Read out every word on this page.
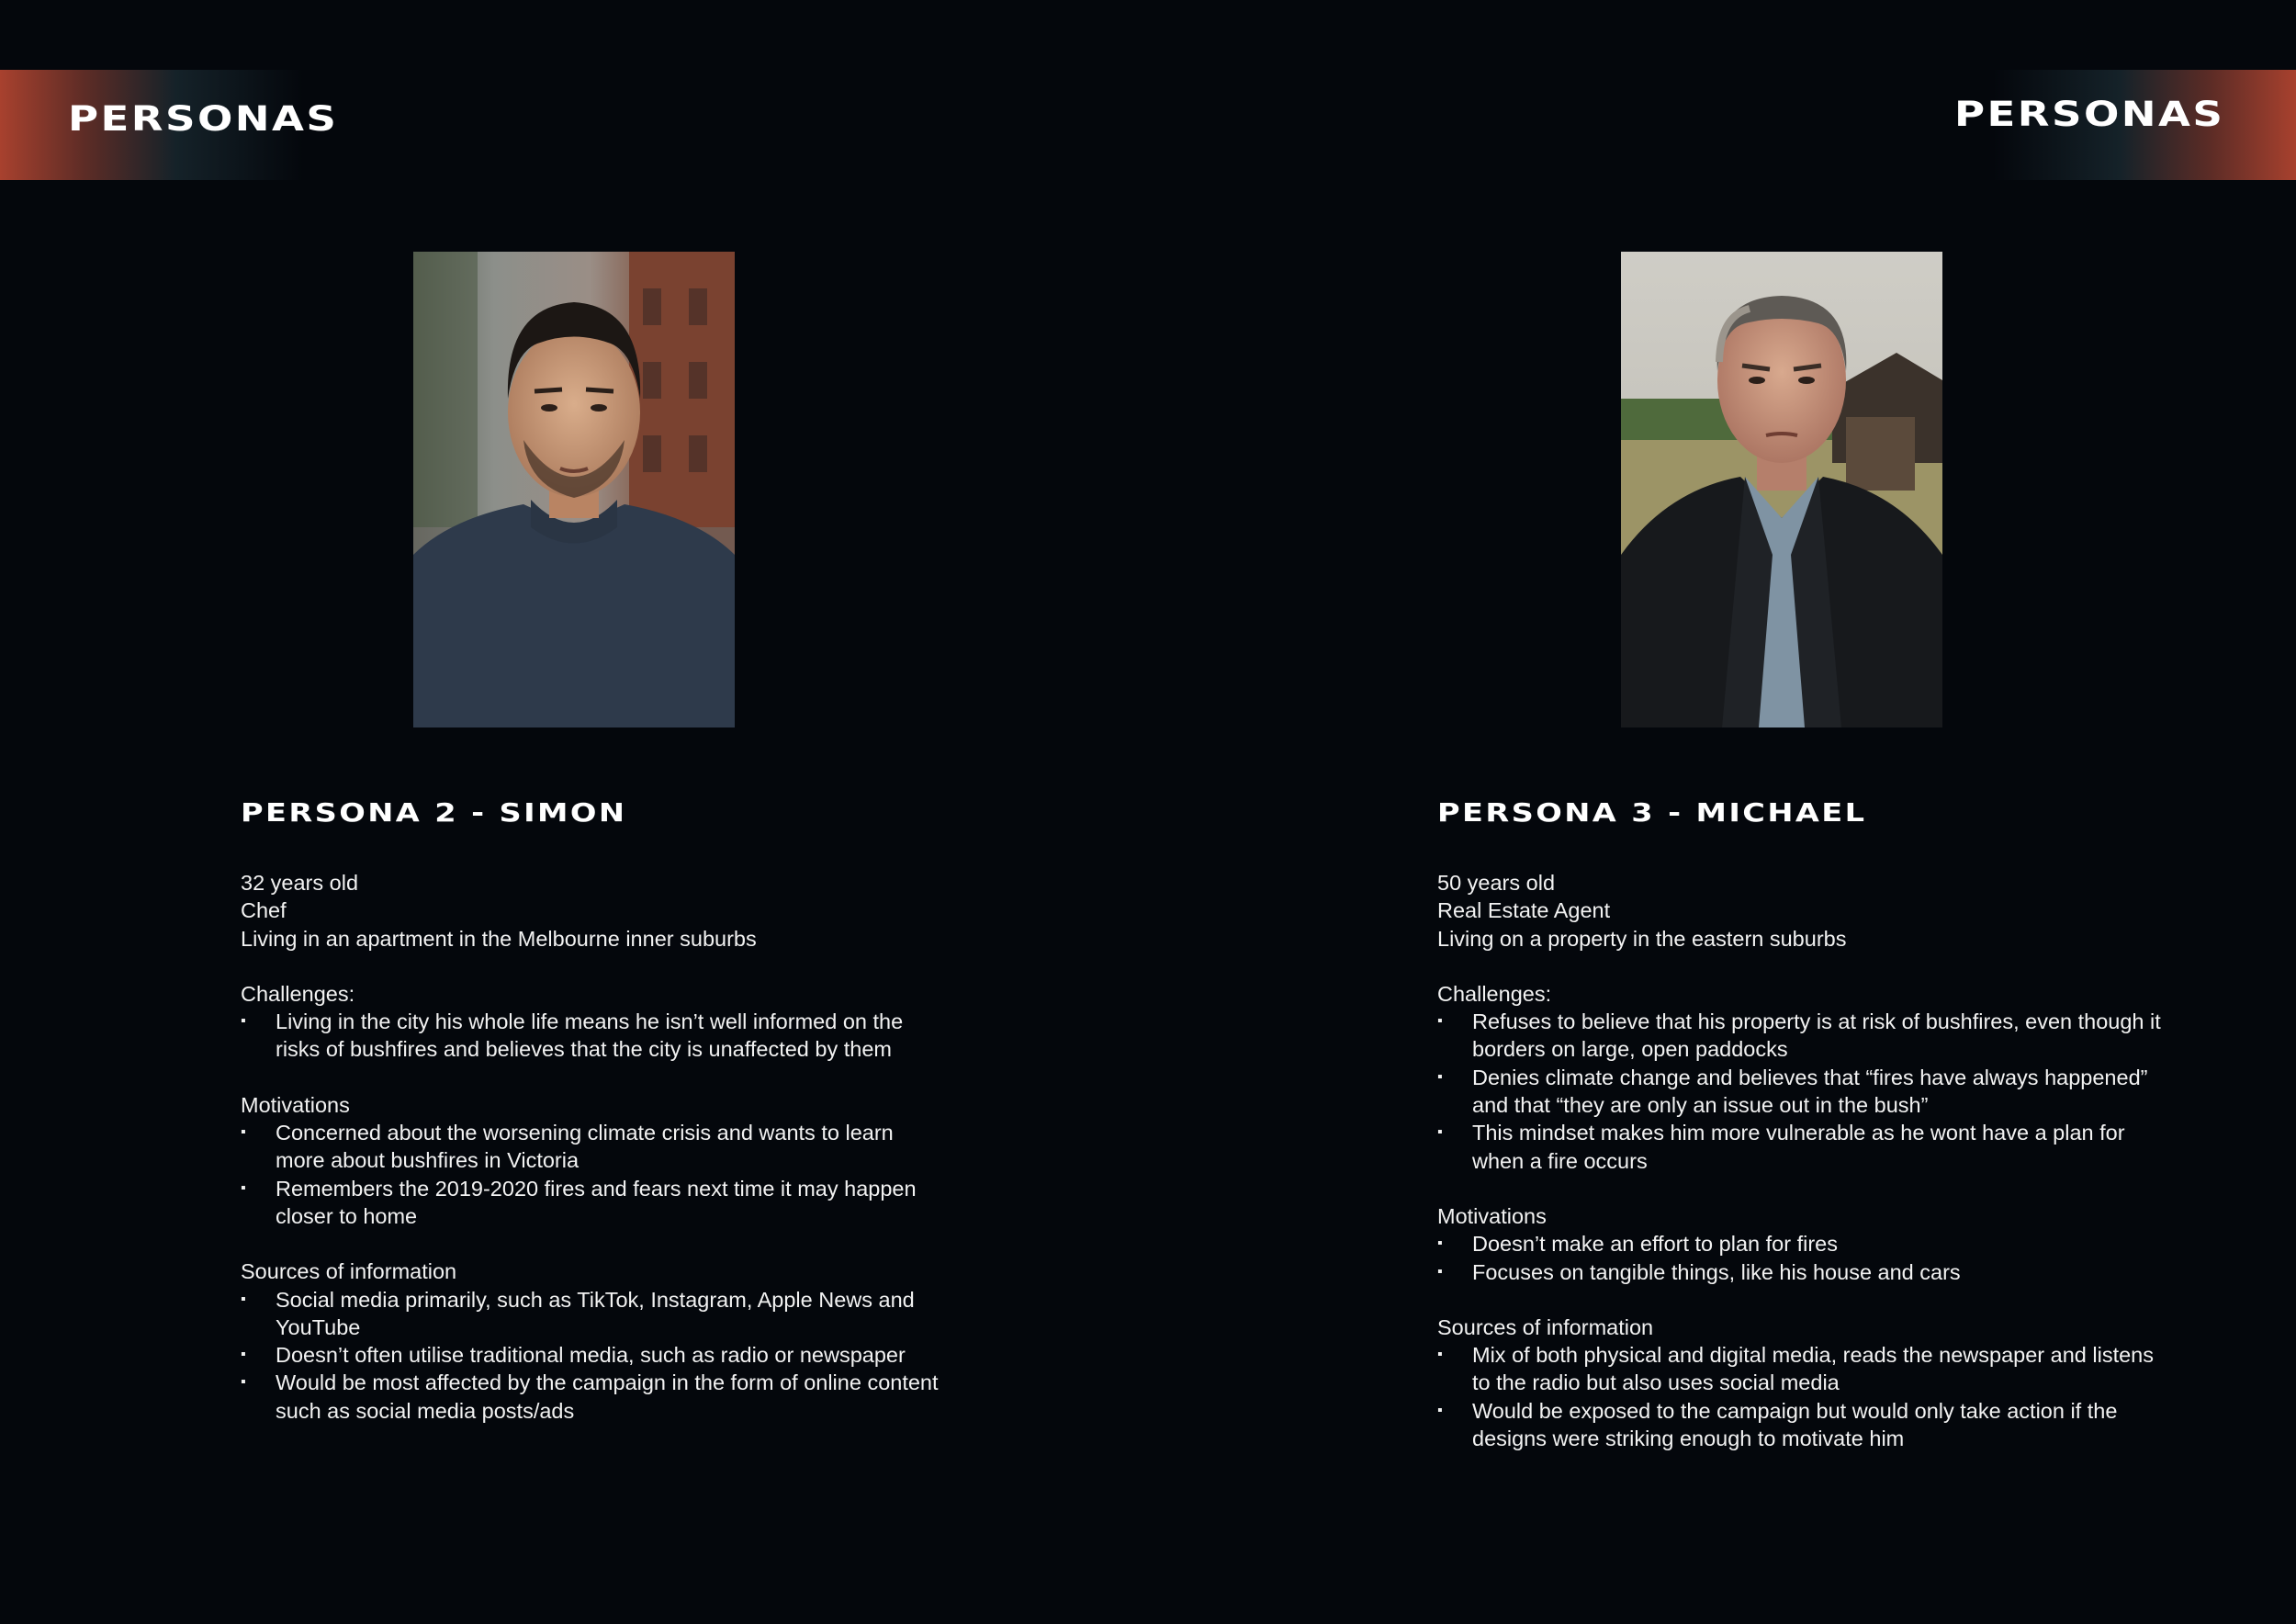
PERSONAS	PERSONAS
PERSONA 2 - SIMON
32 years old
Chef
Living in an apartment in the Melbourne inner suburbs
Challenges:
▪ Living in the city his whole life means he isn’t well informed on the risks of bushfires and believes that the city is unaffected by them
Motivations
▪ Concerned about the worsening climate crisis and wants to learn more about bushfires in Victoria
▪ Remembers the 2019-2020 fires and fears next time it may happen closer to home
Sources of information
▪ Social media primarily, such as TikTok, Instagram, Apple News and YouTube
▪ Doesn’t often utilise traditional media, such as radio or newspaper
▪ Would be most affected by the campaign in the form of online content such as social media posts/ads
PERSONA 3 - MICHAEL
50 years old
Real Estate Agent
Living on a property in the eastern suburbs
Challenges:
▪ Refuses to believe that his property is at risk of bushfires, even though it borders on large, open paddocks
▪ Denies climate change and believes that “fires have always happened” and that “they are only an issue out in the bush”
▪ This mindset makes him more vulnerable as he wont have a plan for when a fire occurs
Motivations
▪ Doesn’t make an effort to plan for fires
▪ Focuses on tangible things, like his house and cars
Sources of information
▪ Mix of both physical and digital media, reads the newspaper and listens to the radio but also uses social media
▪ Would be exposed to the campaign but would only take action if the designs were striking enough to motivate him
